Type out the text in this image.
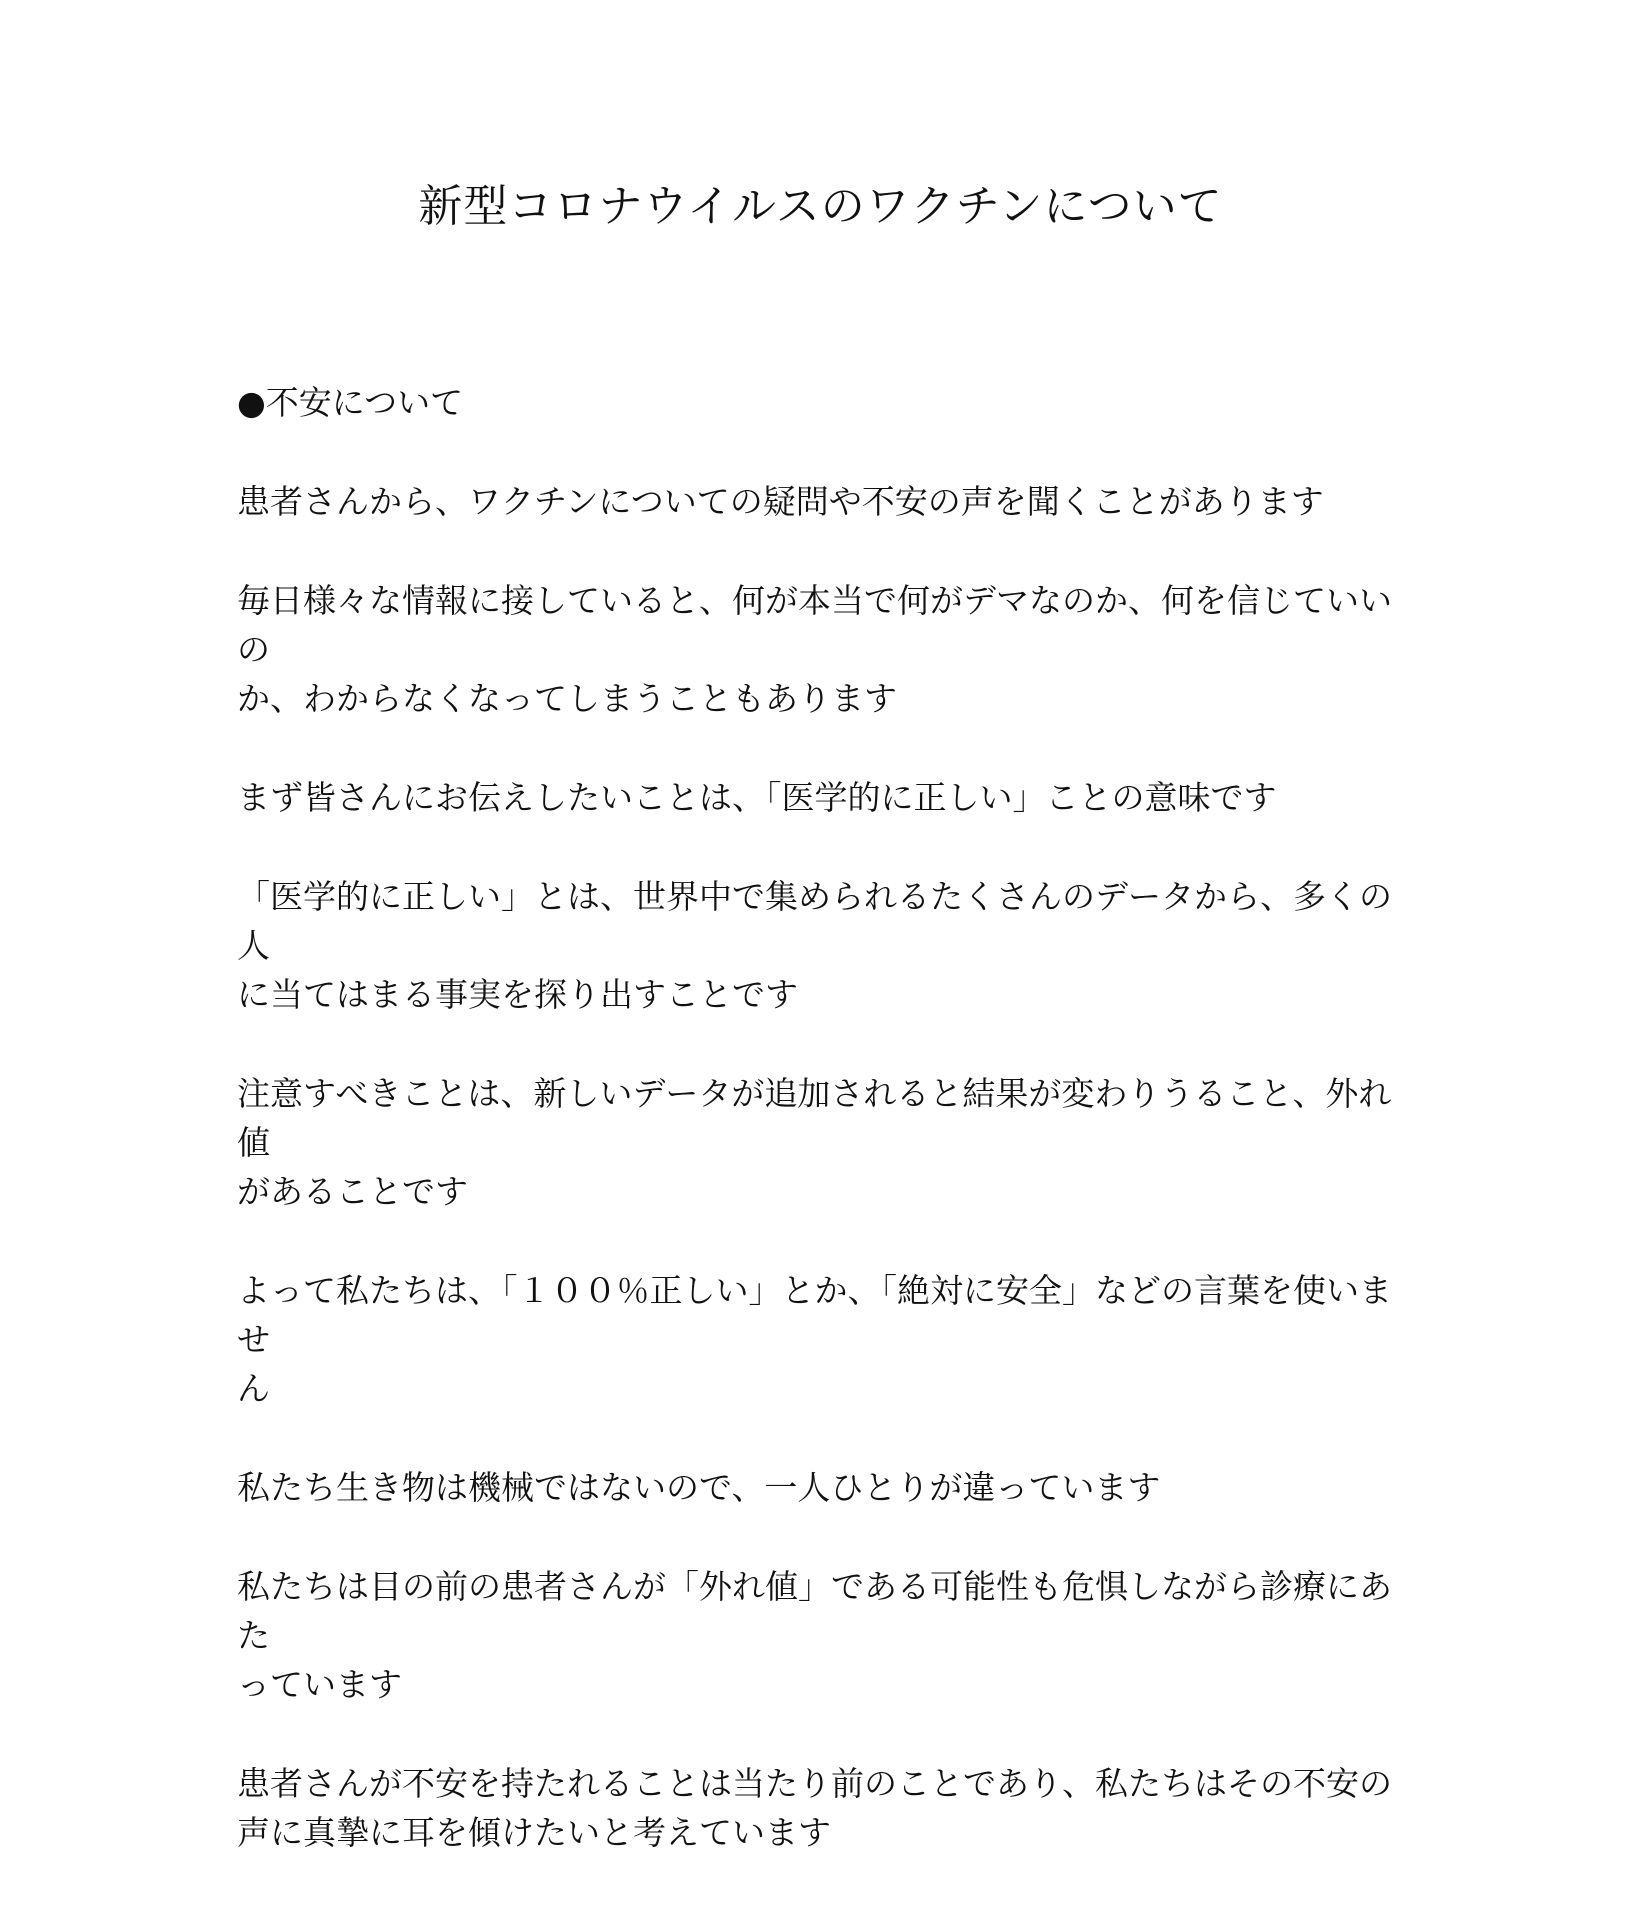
新型コロナウイルスのワクチンについて
●不安について

患者さんから、ワクチンについての疑問や不安の声を聞くことがあります

毎日様々な情報に接していると、何が本当で何がデマなのか、何を信じていいの
か、わからなくなってしまうこともあります

まず皆さんにお伝えしたいことは、「医学的に正しい」ことの意味です

「医学的に正しい」とは、世界中で集められるたくさんのデータから、多くの人
に当てはまる事実を探り出すことです

注意すべきことは、新しいデータが追加されると結果が変わりうること、外れ値
があることです

よって私たちは、「１００％正しい」とか、「絶対に安全」などの言葉を使いませ
ん

私たち生き物は機械ではないので、一人ひとりが違っています

私たちは目の前の患者さんが「外れ値」である可能性も危惧しながら診療にあた
っています

患者さんが不安を持たれることは当たり前のことであり、私たちはその不安の
声に真摯に耳を傾けたいと考えています
